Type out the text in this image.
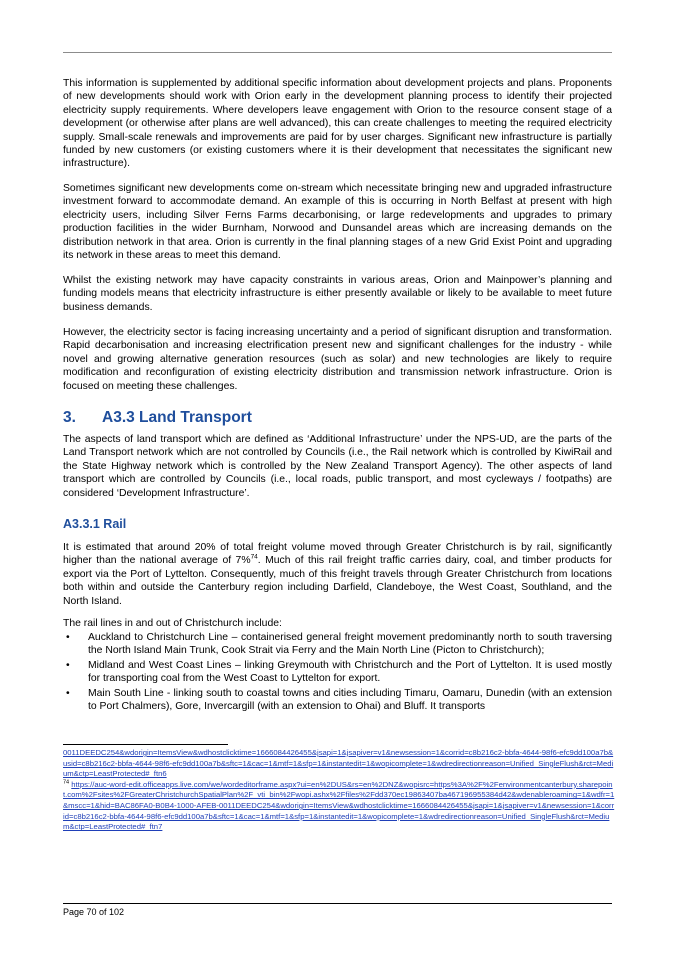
This information is supplemented by additional specific information about development projects and plans. Proponents of new developments should work with Orion early in the development planning process to identify their projected electricity supply requirements. Where developers leave engagement with Orion to the resource consent stage of a development (or otherwise after plans are well advanced), this can create challenges to meeting the required electricity supply. Small-scale renewals and improvements are paid for by user charges. Significant new infrastructure is partially funded by new customers (or existing customers where it is their development that necessitates the significant new infrastructure).

Sometimes significant new developments come on-stream which necessitate bringing new and upgraded infrastructure investment forward to accommodate demand. An example of this is occurring in North Belfast at present with high electricity users, including Silver Ferns Farms decarbonising, or large redevelopments and upgrades to primary production facilities in the wider Burnham, Norwood and Dunsandel areas which are increasing demands on the distribution network in that area. Orion is currently in the final planning stages of a new Grid Exist Point and upgrading its network in these areas to meet this demand.

Whilst the existing network may have capacity constraints in various areas, Orion and Mainpower’s planning and funding models means that electricity infrastructure is either presently available or likely to be available to meet future business demands.

However, the electricity sector is facing increasing uncertainty and a period of significant disruption and transformation. Rapid decarbonisation and increasing electrification present new and significant challenges for the industry - while novel and growing alternative generation resources (such as solar) and new technologies are likely to require modification and reconfiguration of existing electricity distribution and transmission network infrastructure. Orion is focused on meeting these challenges.

3. A3.3 Land Transport

The aspects of land transport which are defined as ‘Additional Infrastructure’ under the NPS-UD, are the parts of the Land Transport network which are not controlled by Councils (i.e., the Rail network which is controlled by KiwiRail and the State Highway network which is controlled by the New Zealand Transport Agency). The other aspects of land transport which are controlled by Councils (i.e., local roads, public transport, and most cycleways / footpaths) are considered ‘Development Infrastructure’.

A3.3.1 Rail

It is estimated that around 20% of total freight volume moved through Greater Christchurch is by rail, significantly higher than the national average of 7%$^{74}$. Much of this rail freight traffic carries dairy, coal, and timber products for export via the Port of Lyttelton. Consequently, much of this freight travels through Greater Christchurch from locations both within and outside the Canterbury region including Darfield, Clandeboye, the West Coast, Southland, and the North Island.

The rail lines in and out of Christchurch include:

• Auckland to Christchurch Line – containerised general freight movement predominantly north to south traversing the North Island Main Trunk, Cook Strait via Ferry and the Main North Line (Picton to Christchurch);
• Midland and West Coast Lines – linking Greymouth with Christchurch and the Port of Lyttelton. It is used mostly for transporting coal from the West Coast to Lyttelton for export.
• Main South Line - linking south to coastal towns and cities including Timaru, Oamaru, Dunedin (with an extension to Port Chalmers), Gore, Invercargill (with an extension to Ohai) and Bluff. It transports

0011DEEDC254&wdorigin=ItemsView&wdhostclicktime=1666084426455&jsapi=1&jsapiver=v1&newsession=1&corrid=c8b216c2-bbfa-4644-98f6-efc9dd100a7b&usid=c8b216c2-bbfa-4644-98f6-efc9dd100a7b&sftc=1&cac=1&mtf=1&sfp=1&instantedit=1&wopicomplete=1&wdredirectionreason=Unified_SingleFlush&rct=Medium&ctp=LeastProtected#_ftn6

$^{74}$ https://auc-word-edit.officeapps.live.com/we/wordeditorframe.aspx?ui=en%2DUS&rs=en%2DNZ&wopisrc=https%3A%2F%2Fenvironmentcanterbury.sharepoint.com%2Fsites%2FGreaterChristchurchSpatialPlan%2F_vti_bin%2Fwopi.ashx%2Ffiles%2Fdd370ec19863407ba467196955384d42&wdenableroaming=1&wdfr=1&mscc=1&hid=BAC86FA0-B0B4-1000-AFEB-0011DEEDC254&wdorigin=ItemsView&wdhostclicktime=1666084426455&jsapi=1&jsapiver=v1&newsession=1&corrid=c8b216c2-bbfa-4644-98f6-efc9dd100a7b&sftc=1&cac=1&mtf=1&sfp=1&instantedit=1&wopicomplete=1&wdredirectionreason=Unified_SingleFlush&rct=Medium&ctp=LeastProtected#_ftn7

Page 70 of 102
